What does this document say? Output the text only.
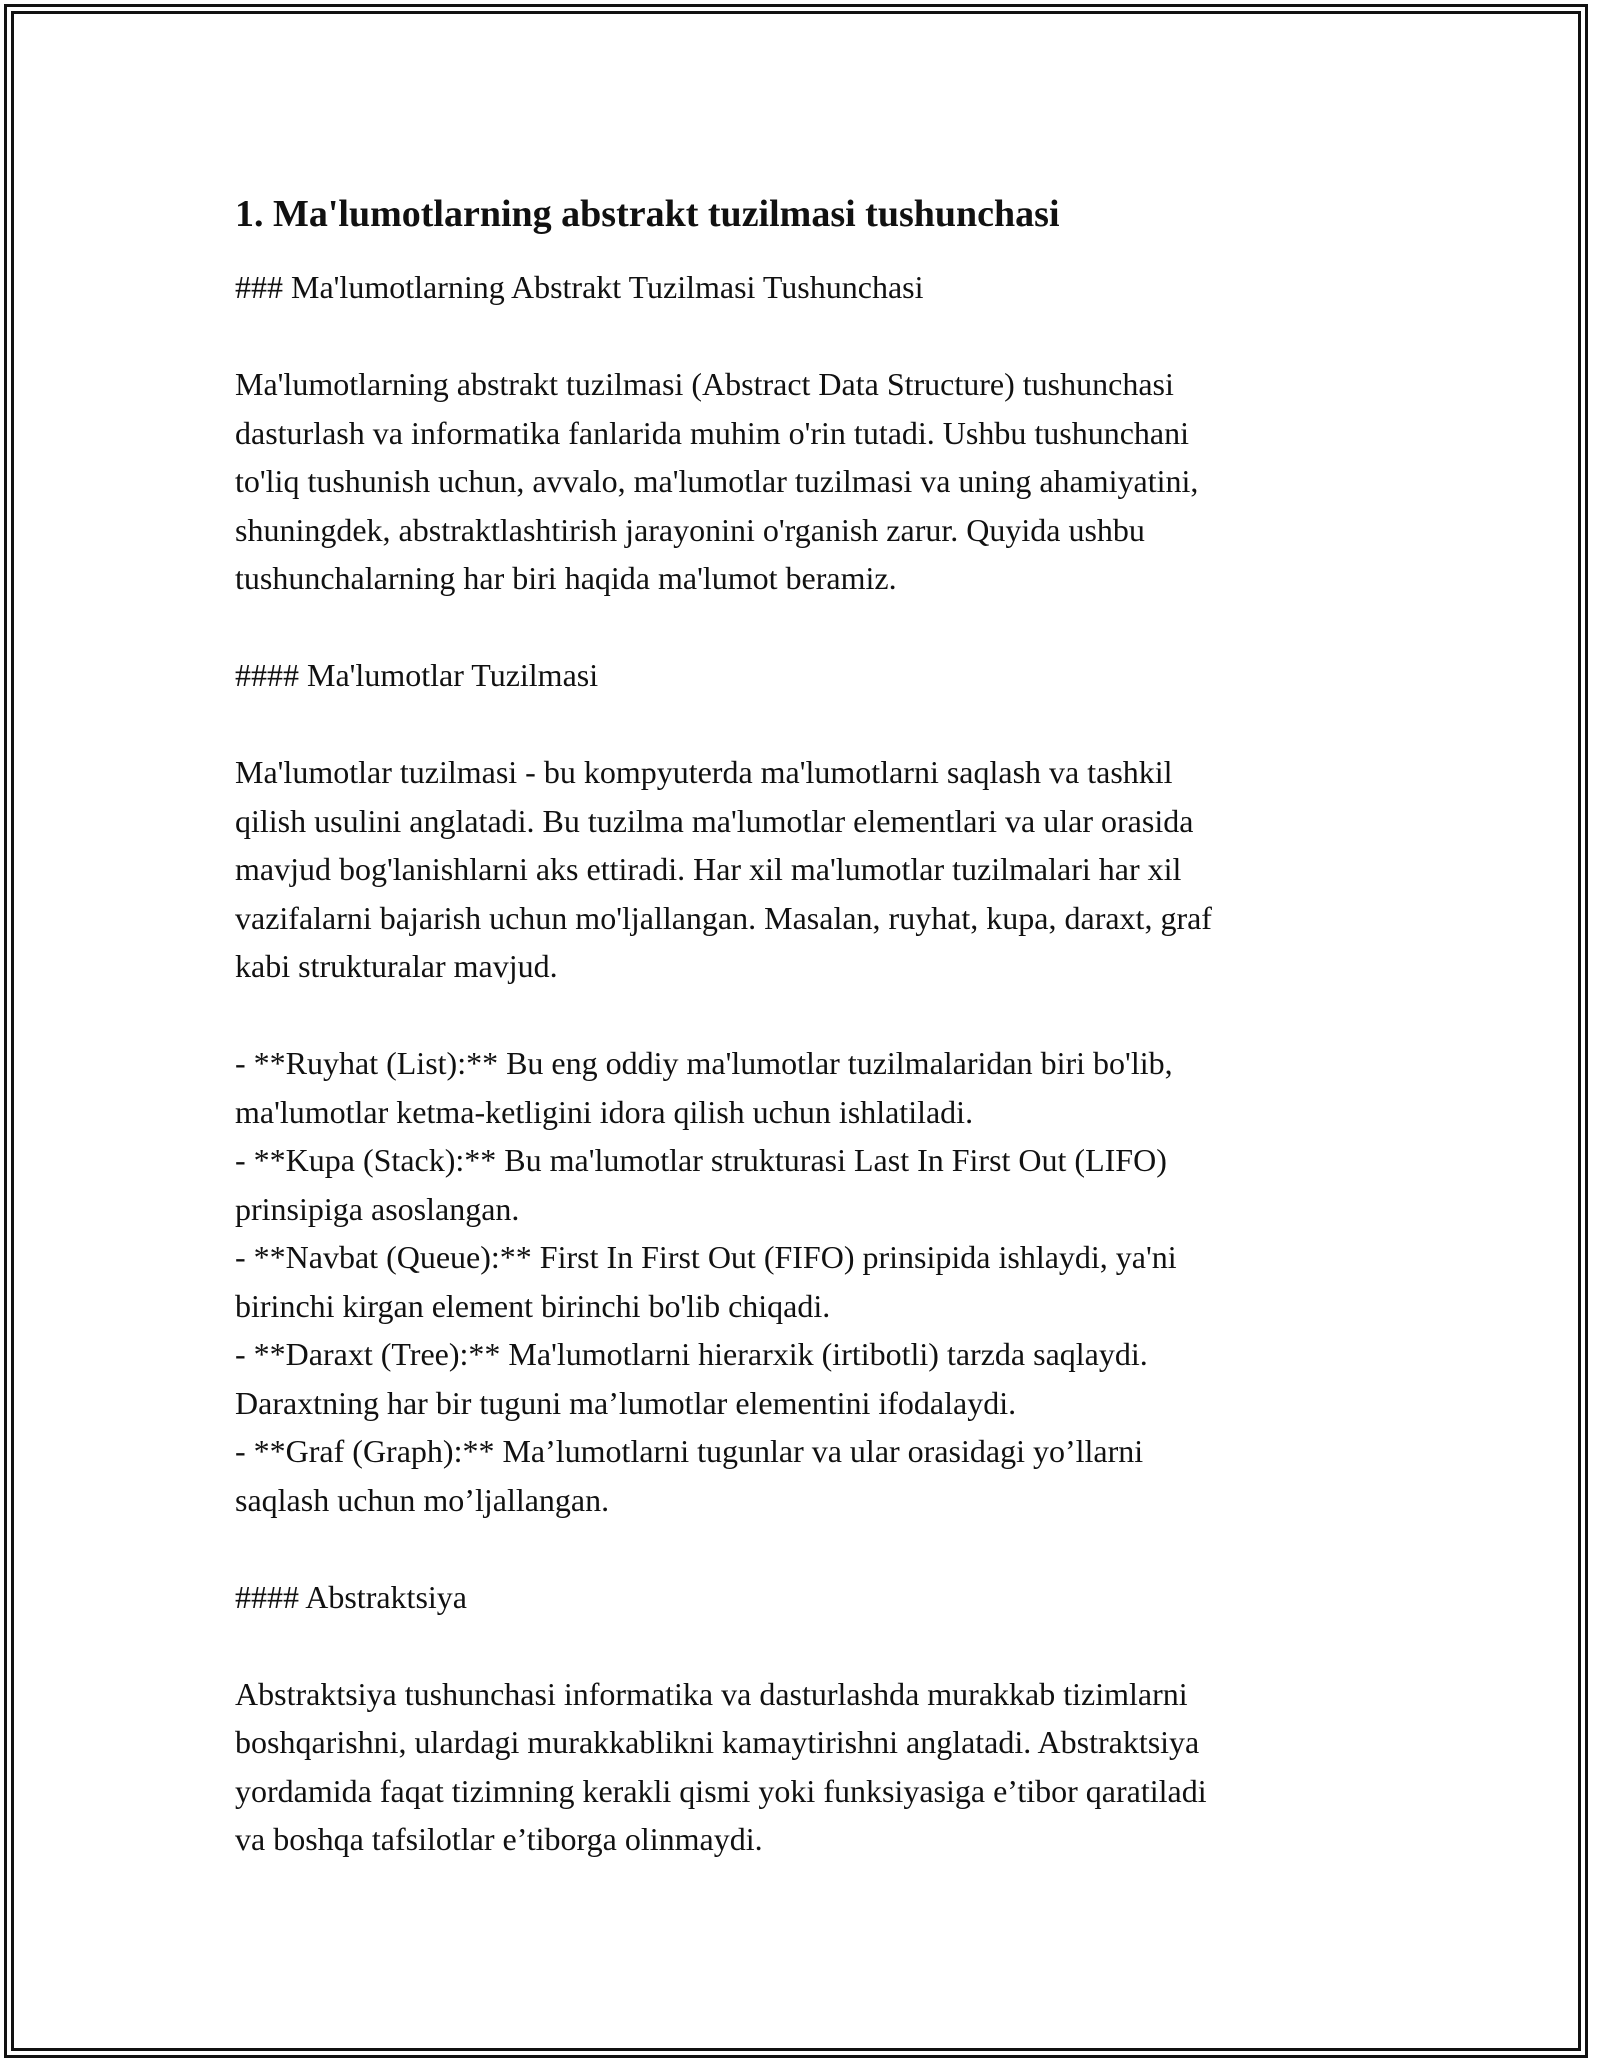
1. Ma'lumotlarning abstrakt tuzilmasi tushunchasi

### Ma'lumotlarning Abstrakt Tuzilmasi Tushunchasi

Ma'lumotlarning abstrakt tuzilmasi (Abstract Data Structure) tushunchasi

dasturlash va informatika fanlarida muhim o'rin tutadi. Ushbu tushunchani

to'liq tushunish uchun, avvalo, ma'lumotlar tuzilmasi va uning ahamiyatini,

shuningdek, abstraktlashtirish jarayonini o'rganish zarur. Quyida ushbu

tushunchalarning har biri haqida ma'lumot beramiz.

#### Ma'lumotlar Tuzilmasi

Ma'lumotlar tuzilmasi - bu kompyuterda ma'lumotlarni saqlash va tashkil

qilish usulini anglatadi. Bu tuzilma ma'lumotlar elementlari va ular orasida

mavjud bog'lanishlarni aks ettiradi. Har xil ma'lumotlar tuzilmalari har xil

vazifalarni bajarish uchun mo'ljallangan. Masalan, ruyhat, kupa, daraxt, graf

kabi strukturalar mavjud.

- **Ruyhat (List):** Bu eng oddiy ma'lumotlar tuzilmalaridan biri bo'lib,

ma'lumotlar ketma-ketligini idora qilish uchun ishlatiladi.

- **Kupa (Stack):** Bu ma'lumotlar strukturasi Last In First Out (LIFO)

prinsipiga asoslangan.

- **Navbat (Queue):** First In First Out (FIFO) prinsipida ishlaydi, ya'ni

birinchi kirgan element birinchi bo'lib chiqadi.

- **Daraxt (Tree):** Ma'lumotlarni hierarxik (irtibotli) tarzda saqlaydi.

Daraxtning har bir tuguni ma’lumotlar elementini ifodalaydi.

- **Graf (Graph):** Ma’lumotlarni tugunlar va ular orasidagi yo’llarni

saqlash uchun mo’ljallangan.

#### Abstraktsiya

Abstraktsiya tushunchasi informatika va dasturlashda murakkab tizimlarni

boshqarishni, ulardagi murakkablikni kamaytirishni anglatadi. Abstraktsiya

yordamida faqat tizimning kerakli qismi yoki funksiyasiga e’tibor qaratiladi

va boshqa tafsilotlar e’tiborga olinmaydi.
